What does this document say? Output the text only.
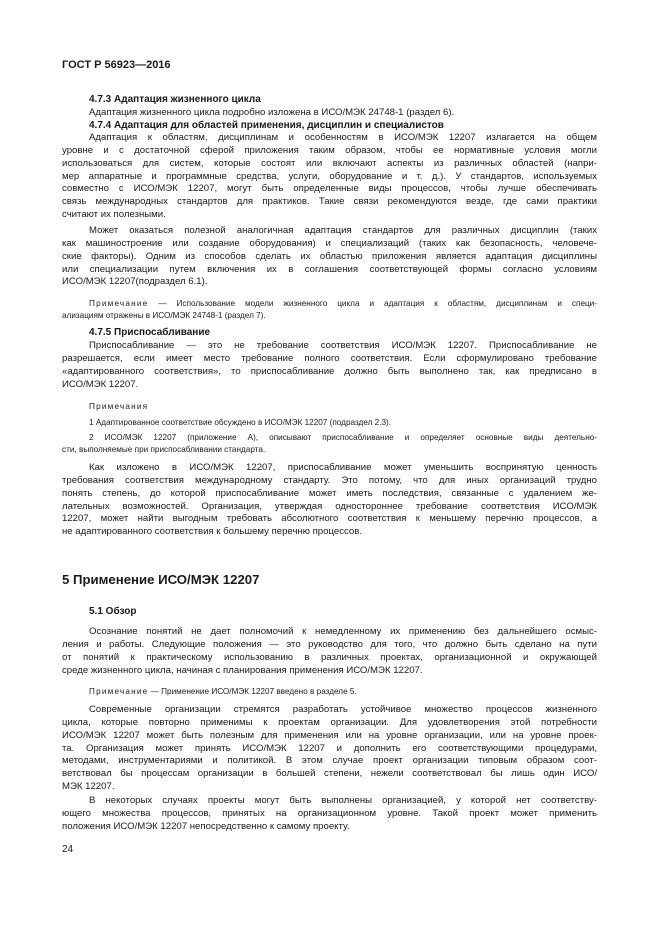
ГОСТ Р 56923—2016
4.7.3 Адаптация жизненного цикла
Адаптация жизненного цикла подробно изложена в ИСО/МЭК 24748-1 (раздел 6).
4.7.4 Адаптация для областей применения, дисциплин и специалистов
Адаптация к областям, дисциплинам и особенностям в ИСО/МЭК 12207 излагается на общем
уровне и с достаточной сферой приложения таким образом, чтобы ее нормативные условия могли
использоваться для систем, которые состоят или включают аспекты из различных областей (напри-
мер аппаратные и программные средства, услуги, оборудование и т. д.). У стандартов, используемых
совместно с ИСО/МЭК 12207, могут быть определенные виды процессов, чтобы лучше обеспечивать
связь международных стандартов для практиков. Такие связи рекомендуются везде, где сами практики
считают их полезными.
Может оказаться полезной аналогичная адаптация стандартов для различных дисциплин (таких
как машиностроение или создание оборудования) и специализаций (таких как безопасность, человече-
ские факторы). Одним из способов сделать их областью приложения является адаптация дисциплины
или специализации путем включения их в соглашения соответствующей формы согласно условиям
ИСО/МЭК 12207(подраздел 6.1).
Примечание — Использование модели жизненного цикла и адаптация к областям, дисциплинам и специ-
ализациям отражены в ИСО/МЭК 24748-1 (раздел 7).
4.7.5 Приспосабливание
Приспосабливание — это не требование соответствия ИСО/МЭК 12207. Приспосабливание не
разрешается, если имеет место требование полного соответствия. Если сформулировано требование
«адаптированного соответствия», то приспосабливание должно быть выполнено так, как предписано в
ИСО/МЭК 12207.
Примечания
1 Адаптированное соответствие обсуждено в ИСО/МЭК 12207 (подраздел 2.3).
2 ИСО/МЭК 12207 (приложение А), описывают приспосабливание и определяет основные виды деятельно-
сти, выполняемые при приспосабливании стандарта.
Как изложено в ИСО/МЭК 12207, приспосабливание может уменьшить воспринятую ценность
требования соответствия международному стандарту. Это потому, что для иных организаций трудно
понять степень, до которой приспосабливание может иметь последствия, связанные с удалением же-
лательных возможностей. Организация, утверждая одностороннее требование соответствия ИСО/МЭК
12207, может найти выгодным требовать абсолютного соответствия к меньшему перечню процессов, а
не адаптированного соответствия к большему перечню процессов.
5 Применение ИСО/МЭК 12207
5.1 Обзор
Осознание понятий не дает полномочий к немедленному их применению без дальнейшего осмыс-
ления и работы. Следующие положения — это руководство для того, что должно быть сделано на пути
от понятий к практическому использованию в различных проектах, организационной и окружающей
среде жизненного цикла, начиная с планирования применения ИСО/МЭК 12207.
Примечание — Применение ИСО/МЭК 12207 введено в разделе 5.
Современные организации стремятся разработать устойчивое множество процессов жизненного
цикла, которые повторно применимы к проектам организации. Для удовлетворения этой потребности
ИСО/МЭК 12207 может быть полезным для применения или на уровне организации, или на уровне проек-
та. Организация может принять ИСО/МЭК 12207 и дополнить его соответствующими процедурами,
методами, инструментариями и политикой. В этом случае проект организации типовым образом соот-
ветствовал бы процессам организации в большей степени, нежели соответствовал бы лишь один ИСО/
МЭК 12207.
В некоторых случаях проекты могут быть выполнены организацией, у которой нет соответству-
ющего множества процессов, принятых на организационном уровне. Такой проект может применить
положения ИСО/МЭК 12207 непосредственно к самому проекту.
24
